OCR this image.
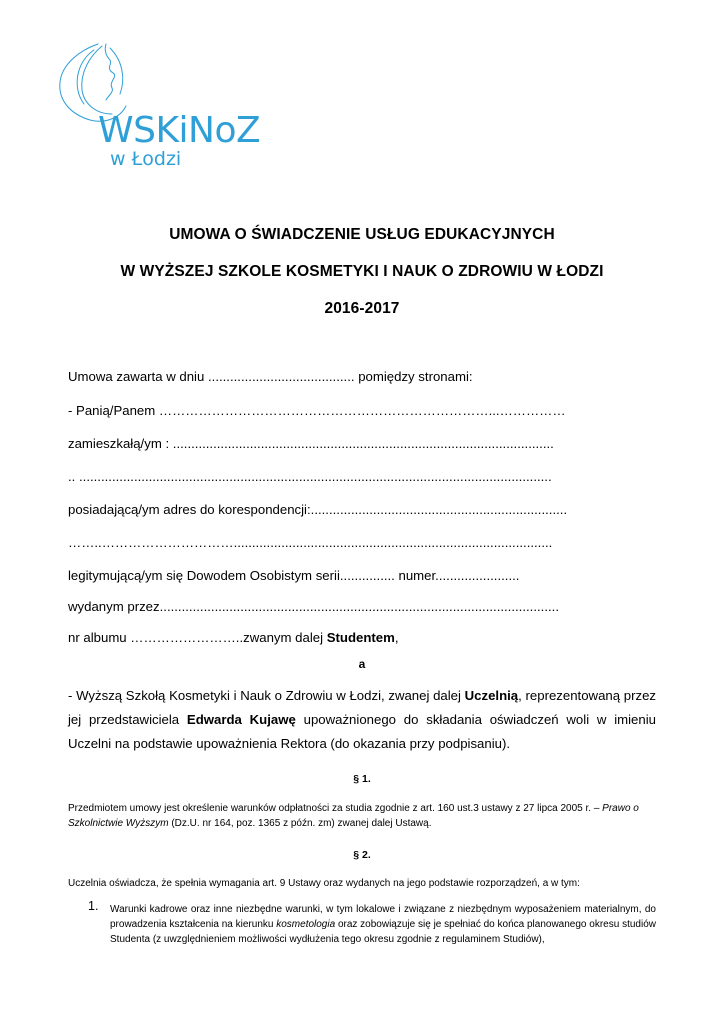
WSKiNoZ
w Łodzi
UMOWA O ŚWIADCZENIE USŁUG EDUKACYJNYCH
W WYŻSZEJ SZKOLE KOSMETYKI I NAUK O ZDROWIU W ŁODZI
2016-2017
Umowa zawarta w dniu ........................................ pomiędzy stronami:
- Panią/Panem …………………………………………………………………...……………
zamieszkałą/ym : ........................................................................................................
.. .................................................................................................................................
posiadającą/ym adres do korespondencji:......................................................................
……..………………………….......................................................................................
legitymującą/ym się Dowodem Osobistym serii............... numer.......................
wydanym przez.............................................................................................................
nr albumu ……………………..zwanym dalej Studentem,
a
- Wyższą Szkołą Kosmetyki i Nauk o Zdrowiu w Łodzi, zwanej dalej Uczelnią, reprezentowaną przez jej przedstawiciela Edwarda Kujawę upoważnionego do składania oświadczeń woli w imieniu Uczelni na podstawie upoważnienia Rektora (do okazania przy podpisaniu).
§ 1.
Przedmiotem umowy jest określenie warunków odpłatności za studia zgodnie z art. 160 ust.3 ustawy z 27 lipca 2005 r. – Prawo o Szkolnictwie Wyższym (Dz.U. nr 164, poz. 1365 z późn. zm) zwanej dalej Ustawą.
§ 2.
Uczelnia oświadcza, że spełnia wymagania art. 9 Ustawy oraz wydanych na jego podstawie rozporządzeń, a w tym:
1. Warunki kadrowe oraz inne niezbędne warunki, w tym lokalowe i związane z niezbędnym wyposażeniem materialnym, do prowadzenia kształcenia na kierunku kosmetologia oraz zobowiązuje się je spełniać do końca planowanego okresu studiów Studenta (z uwzględnieniem możliwości wydłużenia tego okresu zgodnie z regulaminem Studiów),
